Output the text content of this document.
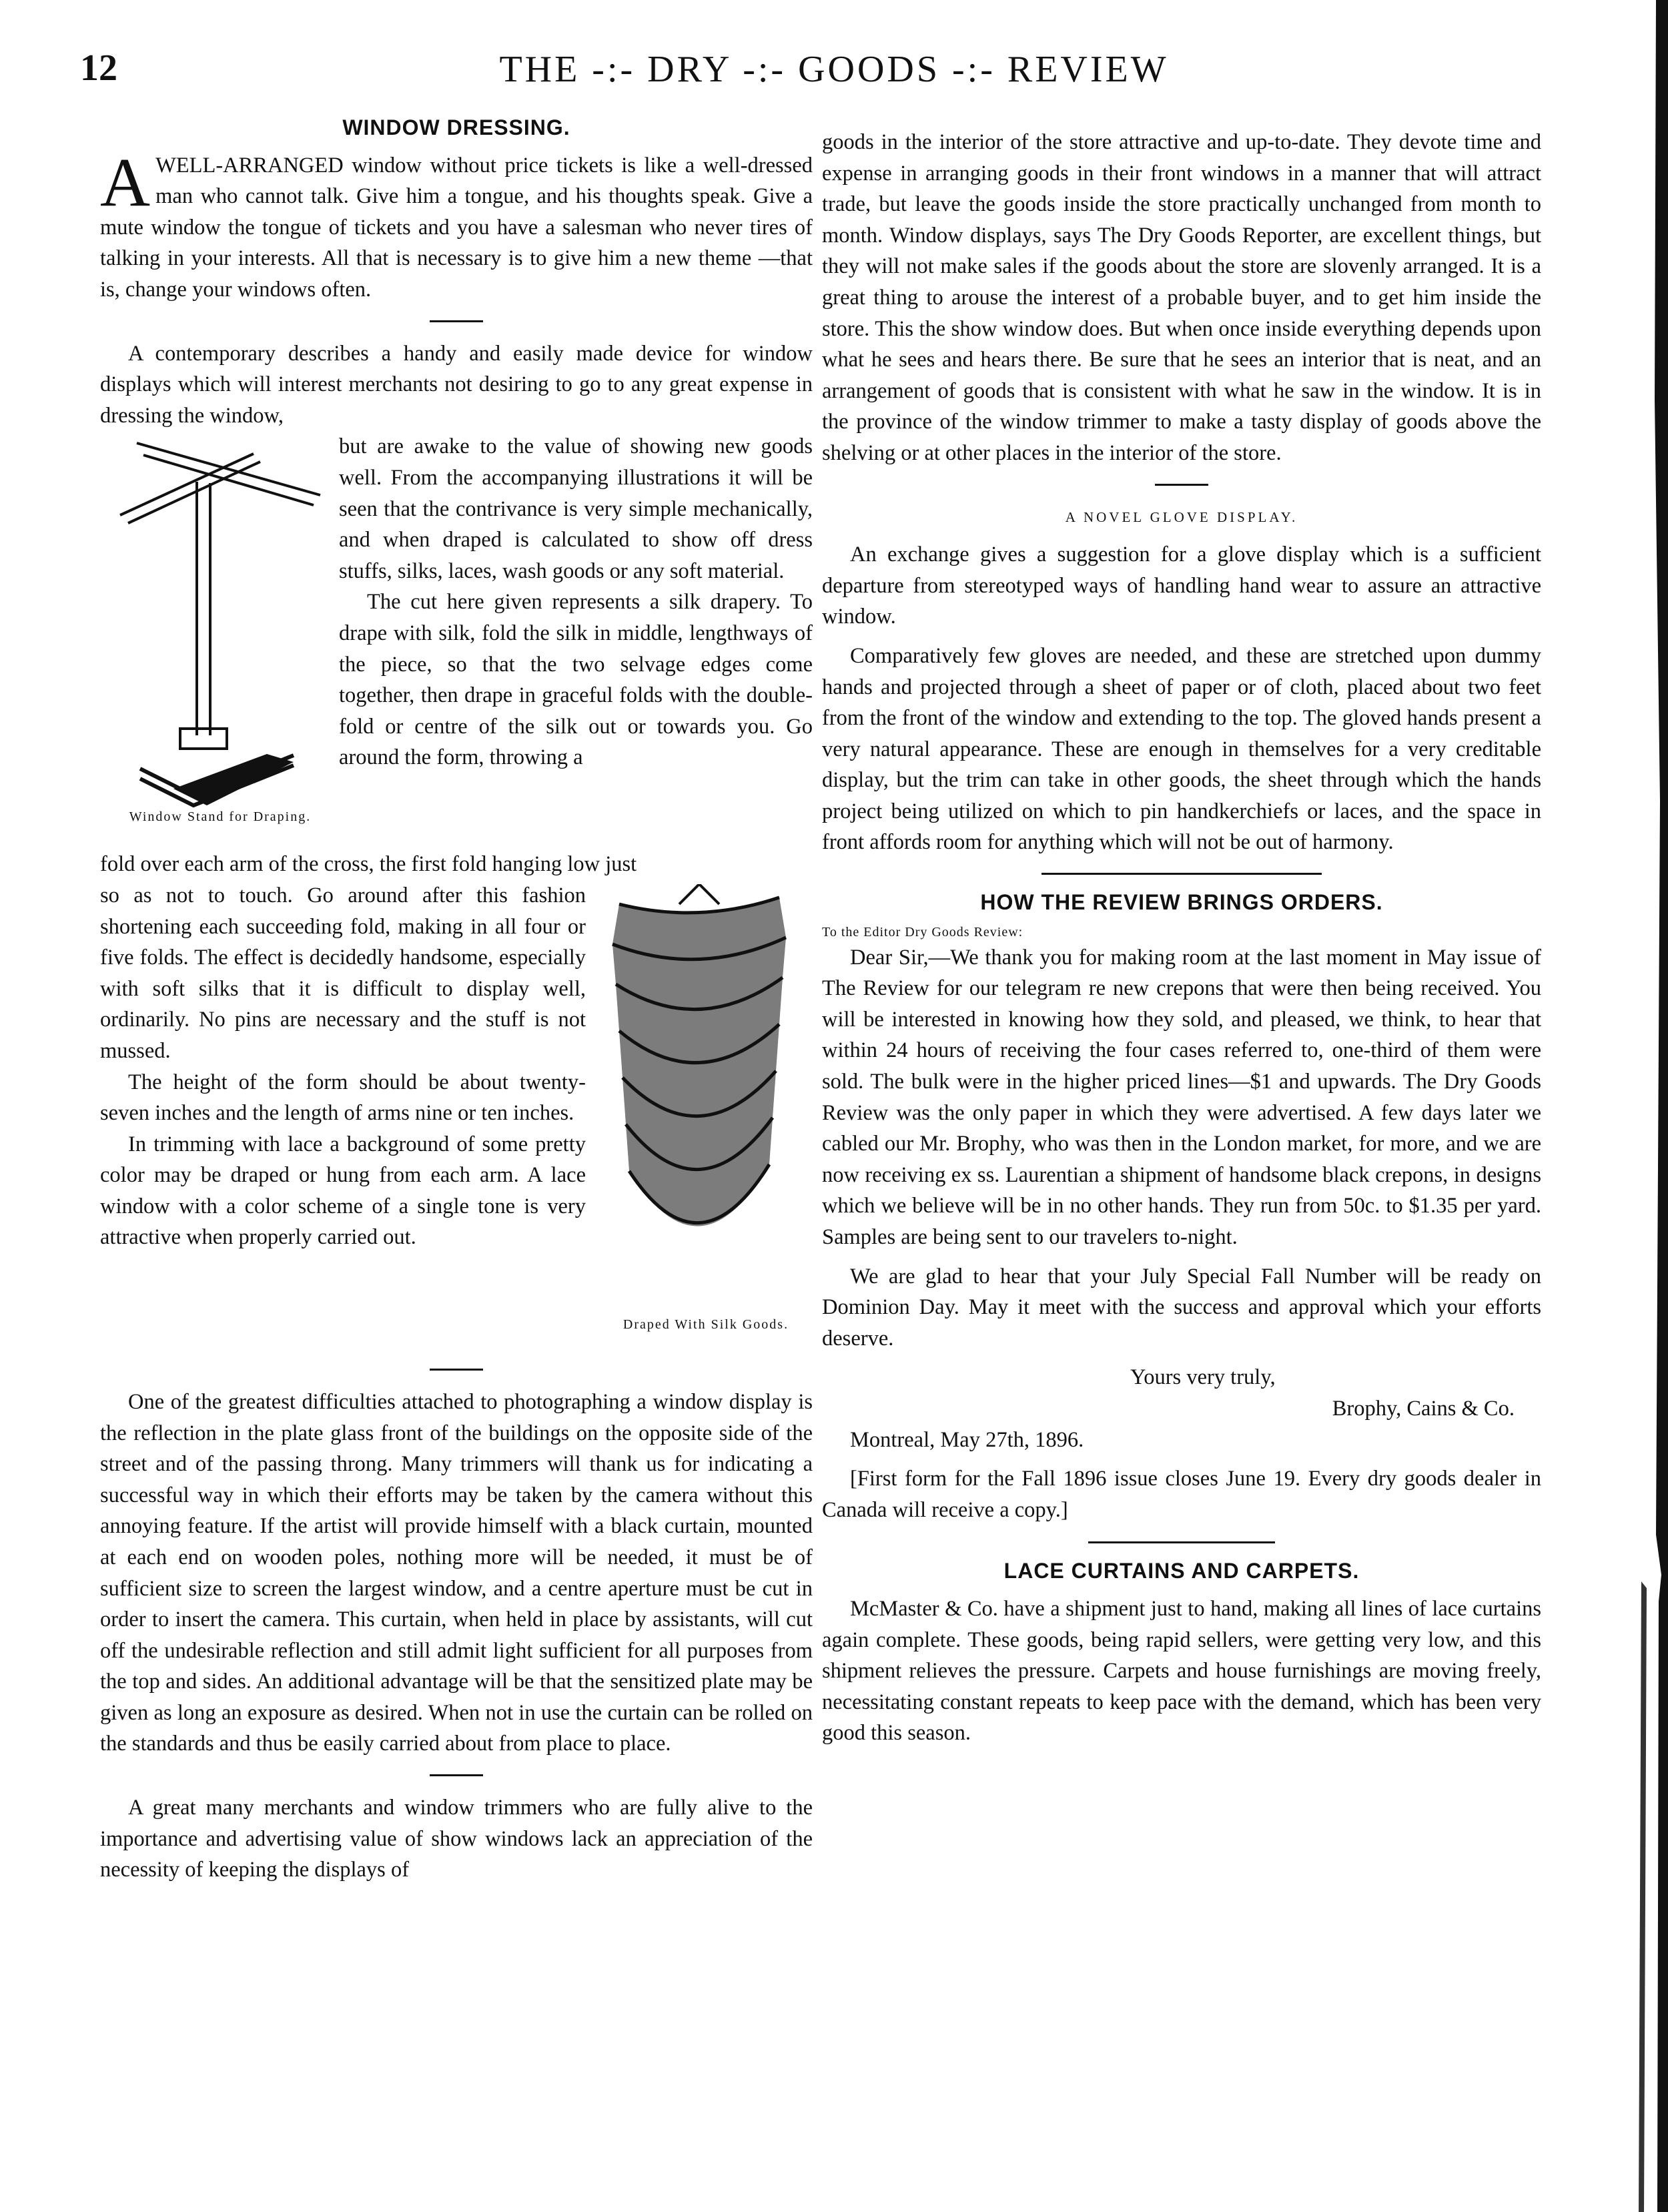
12	THE -:- DRY -:- GOODS -:- REVIEW
WINDOW DRESSING.

AWELL-ARRANGED window without price tickets is like a well-dressed man who cannot talk. Give him a tongue, and his thoughts speak. Give a mute window the tongue of tickets and you have a salesman who never tires of talking in your interests. All that is necessary is to give him a new theme —that is, change your windows often.

A contemporary describes a handy and easily made device for window displays which will interest merchants not desiring to go to any great expense in dressing the window,

Window Stand for Draping.

but are awake to the value of showing new goods well. From the accompanying illustrations it will be seen that the contrivance is very simple mechanically, and when draped is calculated to show off dress stuffs, silks, laces, wash goods or any soft material.

The cut here given represents a silk drapery. To drape with silk, fold the silk in middle, lengthways of the piece, so that the two selvage edges come together, then drape in graceful folds with the double-fold or centre of the silk out or towards you. Go around the form, throwing a

fold over each arm of the cross, the first fold hanging low just

Draped With Silk Goods.

so as not to touch. Go around after this fashion shortening each succeeding fold, making in all four or five folds. The effect is decidedly handsome, especially with soft silks that it is difficult to display well, ordinarily. No pins are necessary and the stuff is not mussed.

The height of the form should be about twenty-seven inches and the length of arms nine or ten inches.

In trimming with lace a background of some pretty color may be draped or hung from each arm. A lace window with a color scheme of a single tone is very attractive when properly carried out.

One of the greatest difficulties attached to photographing a window display is the reflection in the plate glass front of the buildings on the opposite side of the street and of the passing throng. Many trimmers will thank us for indicating a successful way in which their efforts may be taken by the camera without this annoying feature. If the artist will provide himself with a black curtain, mounted at each end on wooden poles, nothing more will be needed, it must be of sufficient size to screen the largest window, and a centre aperture must be cut in order to insert the camera. This curtain, when held in place by assistants, will cut off the undesirable reflection and still admit light sufficient for all purposes from the top and sides. An additional advantage will be that the sensitized plate may be given as long an exposure as desired. When not in use the curtain can be rolled on the standards and thus be easily carried about from place to place.

A great many merchants and window trimmers who are fully alive to the importance and advertising value of show windows lack an appreciation of the necessity of keeping the displays of

goods in the interior of the store attractive and up-to-date. They devote time and expense in arranging goods in their front windows in a manner that will attract trade, but leave the goods inside the store practically unchanged from month to month. Window displays, says The Dry Goods Reporter, are excellent things, but they will not make sales if the goods about the store are slovenly arranged. It is a great thing to arouse the interest of a probable buyer, and to get him inside the store. This the show window does. But when once inside everything depends upon what he sees and hears there. Be sure that he sees an interior that is neat, and an arrangement of goods that is consistent with what he saw in the window. It is in the province of the window trimmer to make a tasty display of goods above the shelving or at other places in the interior of the store.

A NOVEL GLOVE DISPLAY.

An exchange gives a suggestion for a glove display which is a sufficient departure from stereotyped ways of handling hand wear to assure an attractive window.

Comparatively few gloves are needed, and these are stretched upon dummy hands and projected through a sheet of paper or of cloth, placed about two feet from the front of the window and extending to the top. The gloved hands present a very natural appearance. These are enough in themselves for a very creditable display, but the trim can take in other goods, the sheet through which the hands project being utilized on which to pin handkerchiefs or laces, and the space in front affords room for anything which will not be out of harmony.

HOW THE REVIEW BRINGS ORDERS.
To the Editor Dry Goods Review:

Dear Sir,—We thank you for making room at the last moment in May issue of The Review for our telegram re new crepons that were then being received. You will be interested in knowing how they sold, and pleased, we think, to hear that within 24 hours of receiving the four cases referred to, one-third of them were sold. The bulk were in the higher priced lines—$1 and upwards. The Dry Goods Review was the only paper in which they were advertised. A few days later we cabled our Mr. Brophy, who was then in the London market, for more, and we are now receiving ex ss. Laurentian a shipment of handsome black crepons, in designs which we believe will be in no other hands. They run from 50c. to $1.35 per yard. Samples are being sent to our travelers to-night.

We are glad to hear that your July Special Fall Number will be ready on Dominion Day. May it meet with the success and approval which your efforts deserve.

Yours very truly,

Brophy, Cains & Co.

Montreal, May 27th, 1896.

[First form for the Fall 1896 issue closes June 19. Every dry goods dealer in Canada will receive a copy.]

LACE CURTAINS AND CARPETS.

McMaster & Co. have a shipment just to hand, making all lines of lace curtains again complete. These goods, being rapid sellers, were getting very low, and this shipment relieves the pressure. Carpets and house furnishings are moving freely, necessitating constant repeats to keep pace with the demand, which has been very good this season.
